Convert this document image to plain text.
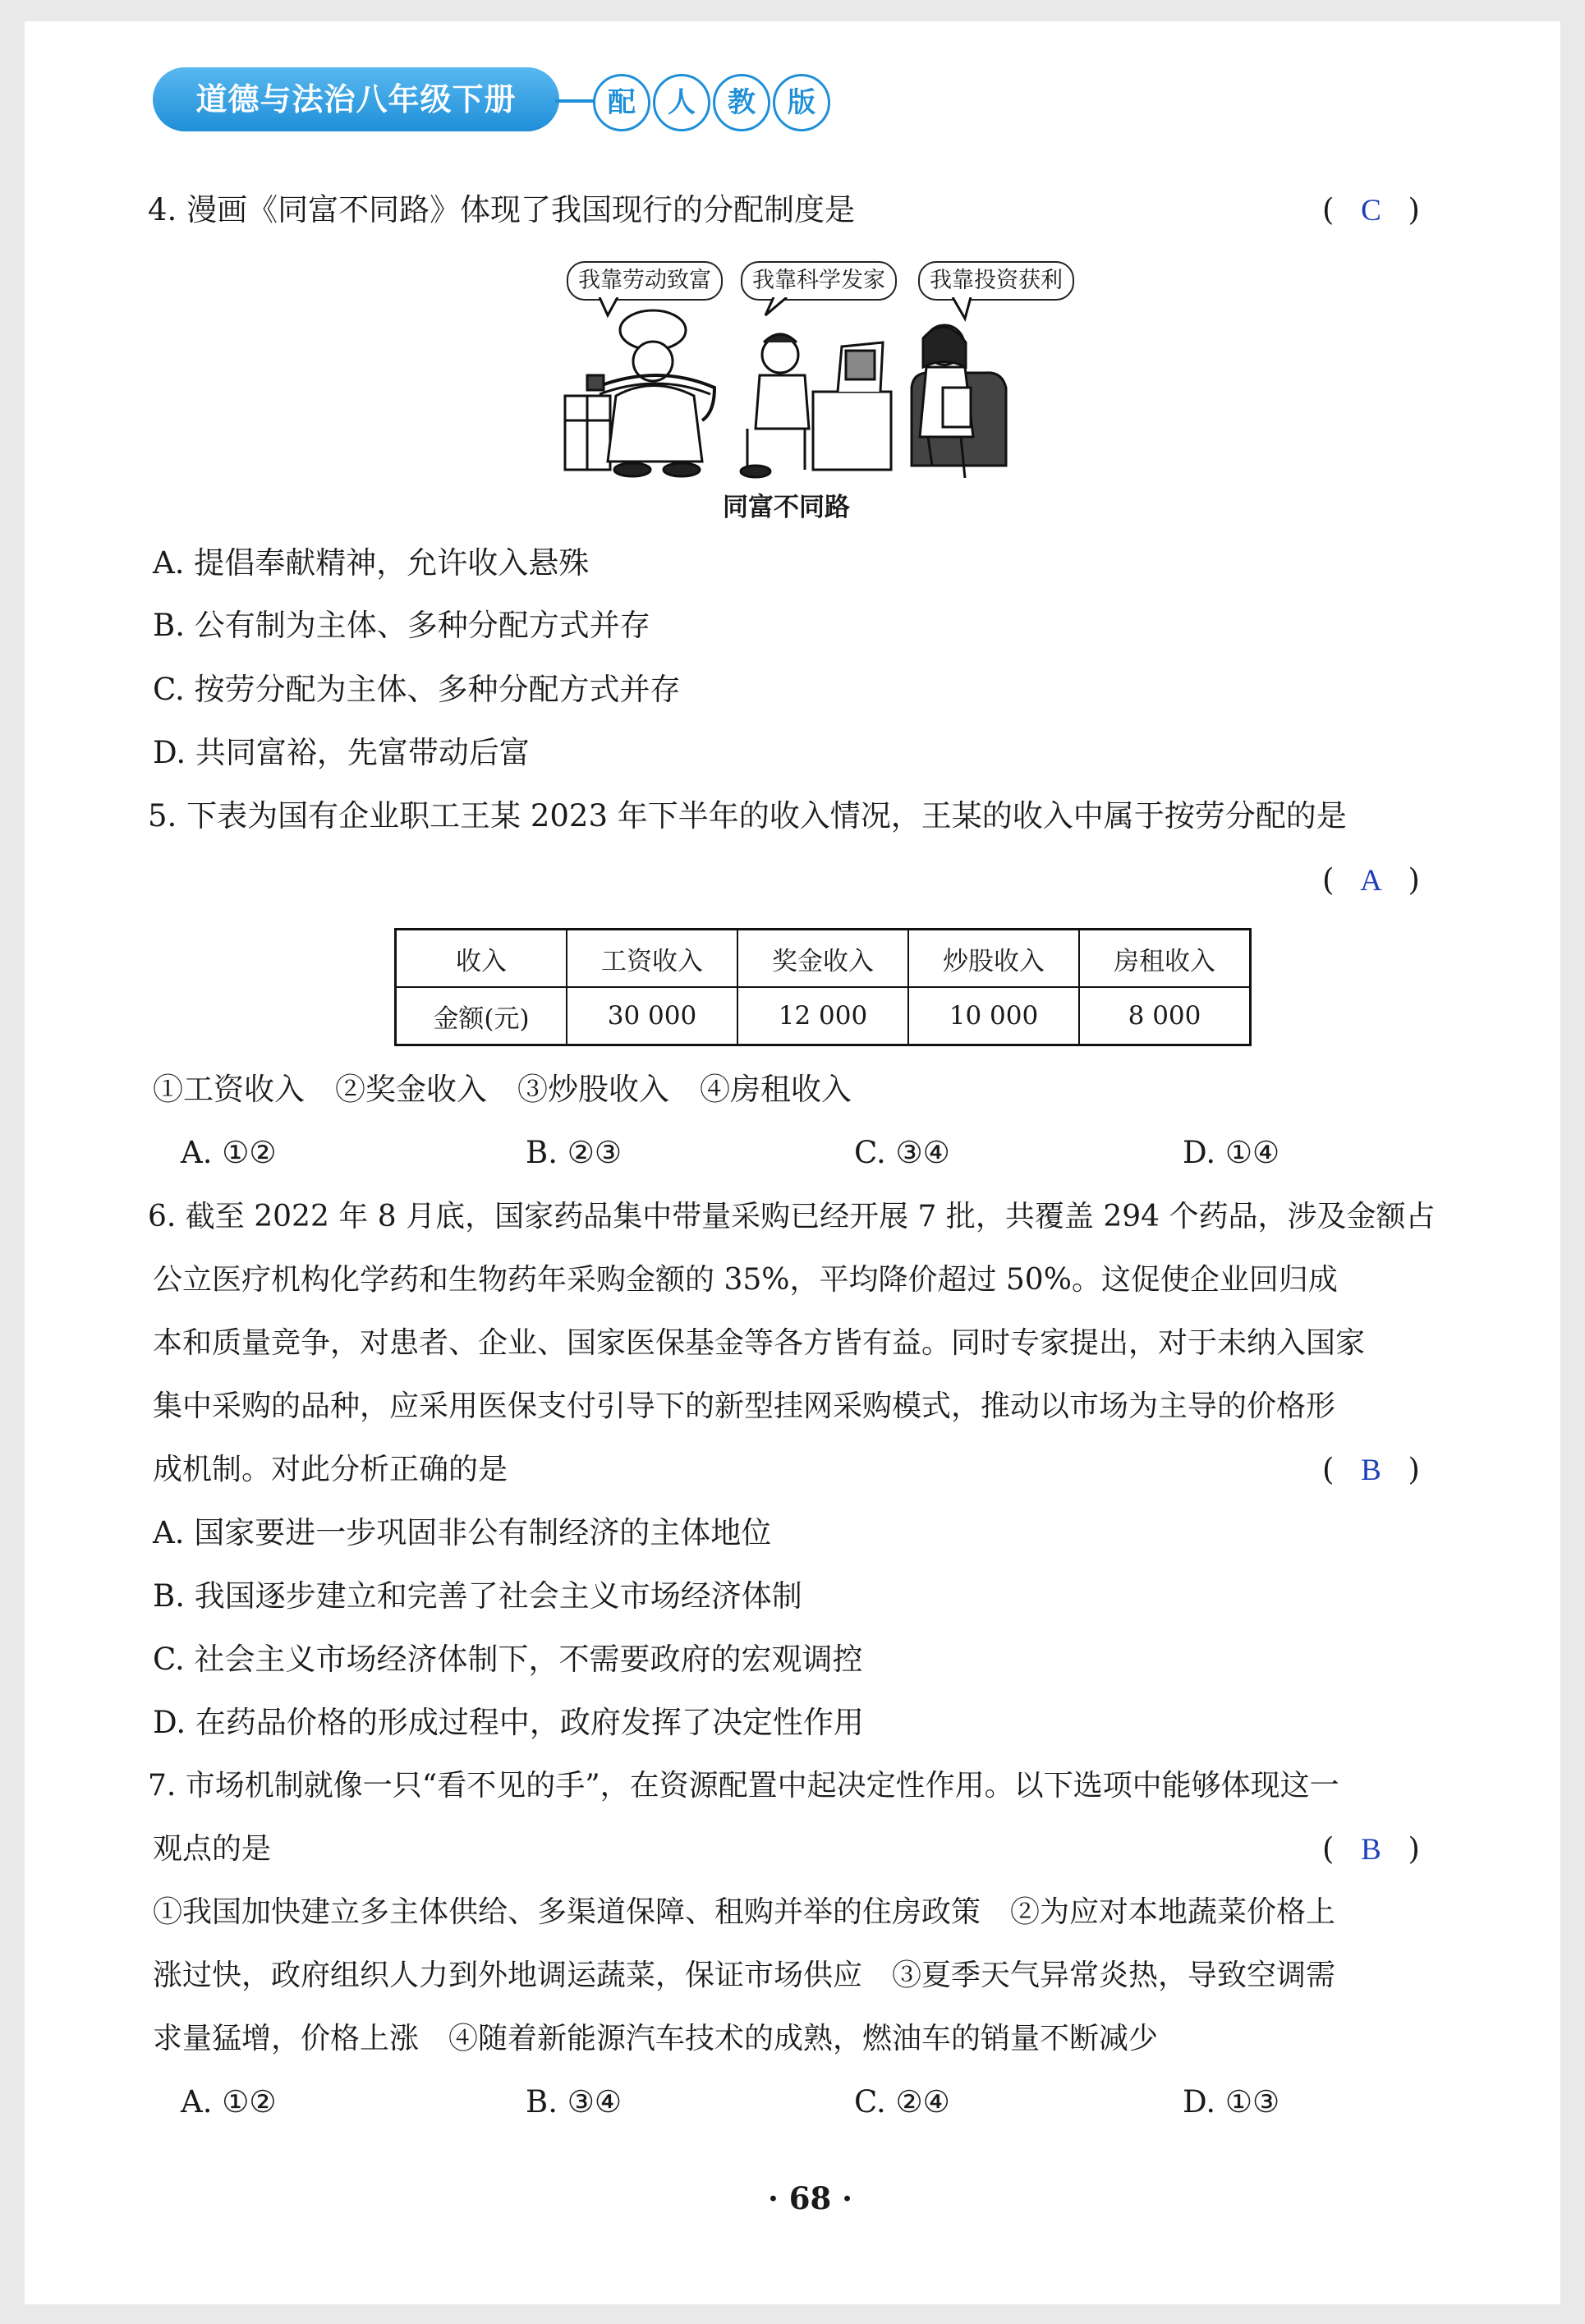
道德与法治八年级下册	配	人	教	版
4. 漫画《同富不同路》体现了我国现行的分配制度是	( C )
我靠劳动致富	我靠科学发家	我靠投资获利
同富不同路
A. 提倡奉献精神，允许收入悬殊
B. 公有制为主体、多种分配方式并存
C. 按劳分配为主体、多种分配方式并存
D. 共同富裕，先富带动后富
5. 下表为国有企业职工王某 2023 年下半年的收入情况，王某的收入中属于按劳分配的是
( A )
收入	工资收入	奖金收入	炒股收入	房租收入
金额(元)	30 000	12 000	10 000	8 000
①工资收入　②奖金收入　③炒股收入　④房租收入
A. ①②	B. ②③	C. ③④	D. ①④
6. 截至 2022 年 8 月底，国家药品集中带量采购已经开展 7 批，共覆盖 294 个药品，涉及金额占
公立医疗机构化学药和生物药年采购金额的 35%，平均降价超过 50%。这促使企业回归成
本和质量竞争，对患者、企业、国家医保基金等各方皆有益。同时专家提出，对于未纳入国家
集中采购的品种，应采用医保支付引导下的新型挂网采购模式，推动以市场为主导的价格形
成机制。对此分析正确的是	( B )
A. 国家要进一步巩固非公有制经济的主体地位
B. 我国逐步建立和完善了社会主义市场经济体制
C. 社会主义市场经济体制下，不需要政府的宏观调控
D. 在药品价格的形成过程中，政府发挥了决定性作用
7. 市场机制就像一只“看不见的手”，在资源配置中起决定性作用。以下选项中能够体现这一
观点的是	( B )
①我国加快建立多主体供给、多渠道保障、租购并举的住房政策　②为应对本地蔬菜价格上
涨过快，政府组织人力到外地调运蔬菜，保证市场供应　③夏季天气异常炎热，导致空调需
求量猛增，价格上涨　④随着新能源汽车技术的成熟，燃油车的销量不断减少
A. ①②	B. ③④	C. ②④	D. ①③
· 68 ·
